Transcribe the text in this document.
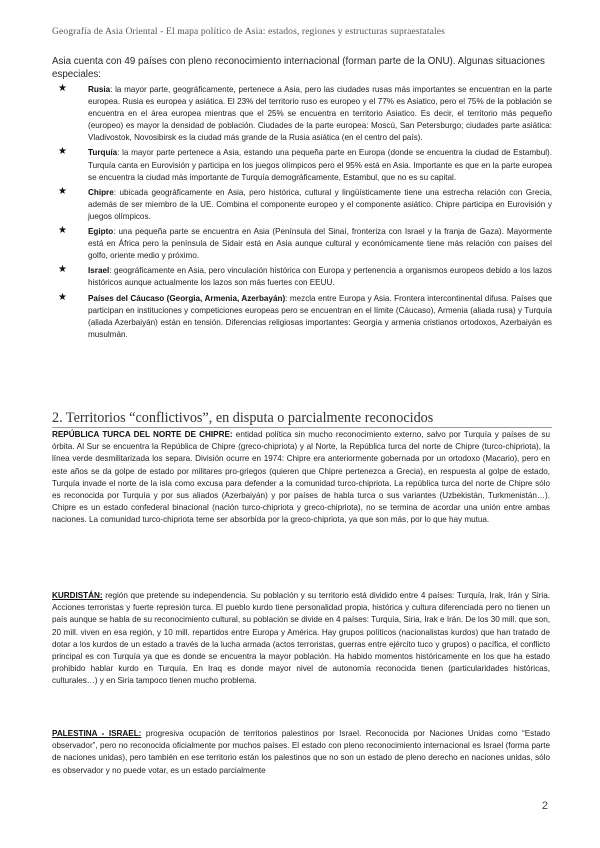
Geografía de Asia Oriental - El mapa político de Asia: estados, regiones y estructuras supraestatales
Asia cuenta con 49 países con pleno reconocimiento internacional (forman parte de la ONU). Algunas situaciones especiales:
★	Rusia: la mayor parte, geográficamente, pertenece a Asia, pero las ciudades rusas más importantes se encuentran en la parte europea. Rusia es europea y asiática. El 23% del territorio ruso es europeo y el 77% es Asiatico, pero el 75% de la población se encuentra en el área europea mientras que el 25% se encuentra en territorio Asiatico. Es decir, el territorio más pequeño (europeo) es mayor la densidad de población. Ciudades de la parte europea: Moscú, San Petersburgo; ciudades parte asiática: Vladivostok, Novosibirsk es la ciudad más grande de la Rusia asiática (en el centro del país).
★	Turquía: la mayor parte pertenece a Asia, estando una pequeña parte en Europa (donde se encuentra la ciudad de Estambul). Turquía canta en Eurovisión y participa en los juegos olímpicos pero el 95% está en Asia. Importante es que en la parte europea se encuentra la ciudad más importante de Turquía demográficamente, Estambul, que no es su capital.
★	Chipre: ubicada geográficamente en Asia, pero histórica, cultural y lingüísticamente tiene una estrecha relación con Grecia, además de ser miembro de la UE. Combina el componente europeo y el componente asiático. Chipre participa en Eurovisión y juegos olímpicos.
★	Egipto: una pequeña parte se encuentra en Asia (Península del Sinaí, fronteriza con Israel y la franja de Gaza). Mayormente está en África pero la península de Sidair está en Asia aunque cultural y económicamente tiene más relación con países del golfo, oriente medio y próximo.
★	Israel: geográficamente en Asia, pero vinculación histórica con Europa y pertenencia a organismos europeos debido a los lazos históricos aunque actualmente los lazos son más fuertes con EEUU.
★	Países del Cáucaso (Georgia, Armenia, Azerbayán): mezcla entre Europa y Asia. Frontera intercontinental difusa. Países que participan en instituciones y competiciones europeas pero se encuentran en el límite (Cáucaso), Armenia (aliada rusa) y Turquía (aliada Azerbaiyán) están en tensión. Diferencias religiosas importantes: Georgia y armenia cristianos ortodoxos, Azerbaiyán es musulmán.
2. Territorios “conflictivos”, en disputa o parcialmente reconocidos
REPÚBLICA TURCA DEL NORTE DE CHIPRE: entidad política sin mucho reconocimiento externo, salvo por Turquía y países de su órbita. Al Sur se encuentra la República de Chipre (greco-chipriota) y al Norte, la República turca del norte de Chipre (turco-chipriota), la línea verde desmilitarizada los separa. División ocurre en 1974: Chipre era anteriormente gobernada por un ortodoxo (Macario), pero en este años se da golpe de estado por militares pro-griegos (quieren que Chipre pertenezca a Grecia), en respuesta al golpe de estado, Turquía invade el norte de la isla como excusa para defender a la comunidad turco-chipriota. La república turca del norte de Chipre sólo es reconocida por Turquía y por sus aliados (Azerbaiyán) y por países de habla turca o sus variantes (Uzbekistán, Turkmenistán…). Chipre es un estado confederal binacional (nación turco-chipriota y greco-chipriota), no se termina de acordar una unión entre ambas naciones. La comunidad turco-chipriota teme ser absorbida por la greco-chipriota, ya que son más, por lo que hay mutua.
KURDISTÁN: región que pretende su independencia. Su población y su territorio está dividido entre 4 países: Turquía, Irak, Irán y Siria. Acciones terroristas y fuerte represión turca. El pueblo kurdo tiene personalidad propia, histórica y cultura diferenciada pero no tienen un país aunque se habla de su reconocimiento cultural, su población se divide en 4 países: Turquía, Siria, Irak e Irán. De los 30 mill. que son, 20 mill. viven en esa región, y 10 mill. repartidos entre Europa y América. Hay grupos políticos (nacionalistas kurdos) que han tratado de dotar a los kurdos de un estado a través de la lucha armada (actos terroristas, guerras entre ejército tuco y grupos) o pacífica, el conflicto principal es con Turquía ya que es donde se encuentra la mayor población. Ha habido momentos históricamente en los que ha estado prohibido hablar kurdo en Turquía. En Iraq es donde mayor nivel de autonomía reconocida tienen (particularidades históricas, culturales…) y en Siria tampoco tienen mucho problema.
PALESTINA - ISRAEL: progresiva ocupación de territorios palestinos por Israel. Reconocida por Naciones Unidas como “Estado observador”, pero no reconocida oficialmente por muchos países. El estado con pleno reconocimiento internacional es Israel (forma parte de naciones unidas), pero también en ese territorio están los palestinos que no son un estado de pleno derecho en naciones unidas, sólo es observador y no puede votar, es un estado parcialmente
2
